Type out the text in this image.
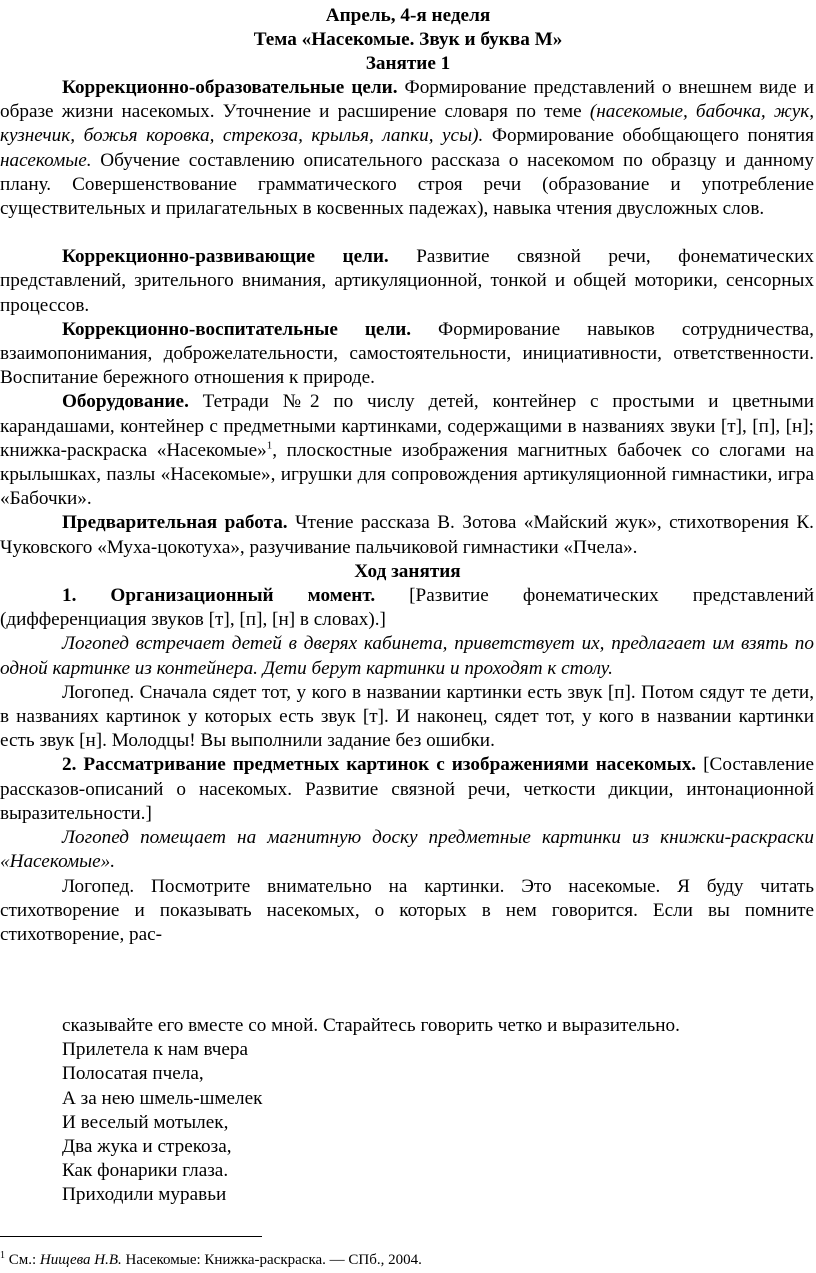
Апрель, 4-я неделя
Тема «Насекомые. Звук и буква М»
Занятие 1

Коррекционно-образовательные цели. Формирование представлений о внешнем виде и образе жизни насекомых. Уточнение и расширение словаря по теме (насекомые, бабочка, жук, кузнечик, божья коровка, стрекоза, крылья, лапки, усы). Формирование обобщающего понятия насекомые. Обучение составлению описательного рассказа о насекомом по образцу и данному плану. Совершенствование грамматического строя речи (образование и употребление существительных и прилагательных в косвенных падежах), навыка чтения двусложных слов.

Коррекционно-развивающие цели. Развитие связной речи, фонематических представлений, зрительного внимания, артикуляционной, тонкой и общей моторики, сенсорных процессов.

Коррекционно-воспитательные цели. Формирование навыков сотрудничества, взаимопонимания, доброжелательности, самостоятельности, инициативности, ответственности. Воспитание бережного отношения к природе.

Оборудование. Тетради №2 по числу детей, контейнер с простыми и цветными карандашами, контейнер с предметными картинками, содержащими в названиях звуки [т], [п], [н]; книжка-раскраска «Насекомые»$^1$, плоскостные изображения магнитных бабочек со слогами на крылышках, пазлы «Насекомые», игрушки для сопровождения артикуляционной гимнастики, игра «Бабочки».

Предварительная работа. Чтение рассказа В. Зотова «Майский жук», стихотворения К. Чуковского «Муха-цокотуха», разучивание пальчиковой гимнастики «Пчела».

Ход занятия

1. Организационный момент. [Развитие фонематических представлений (дифференциация звуков [т], [п], [н] в словах).]

Логопед встречает детей в дверях кабинета, приветствует их, предлагает им взять по одной картинке из контейнера. Дети берут картинки и проходят к столу.

Логопед. Сначала сядет тот, у кого в названии картинки есть звук [п]. Потом сядут те дети, в названиях картинок у которых есть звук [т]. И наконец, сядет тот, у кого в названии картинки есть звук [н]. Молодцы! Вы выполнили задание без ошибки.

2. Рассматривание предметных картинок с изображениями насекомых. [Составление рассказов-описаний о насекомых. Развитие связной речи, четкости дикции, интонационной выразительности.]

Логопед помещает на магнитную доску предметные картинки из книжки-раскраски «Насекомые».

Логопед. Посмотрите внимательно на картинки. Это насекомые. Я буду читать стихотворение и показывать насекомых, о которых в нем говорится. Если вы помните стихотворение, рас-

сказывайте его вместе со мной. Старайтесь говорить четко и выразительно.
Прилетела к нам вчера
Полосатая пчела,
А за нею шмель-шмелек
И веселый мотылек,
Два жука и стрекоза,
Как фонарики глаза.
Приходили муравьи
$^1$ См.: Нищева Н.В. Насекомые: Книжка-раскраска. — СПб., 2004.
